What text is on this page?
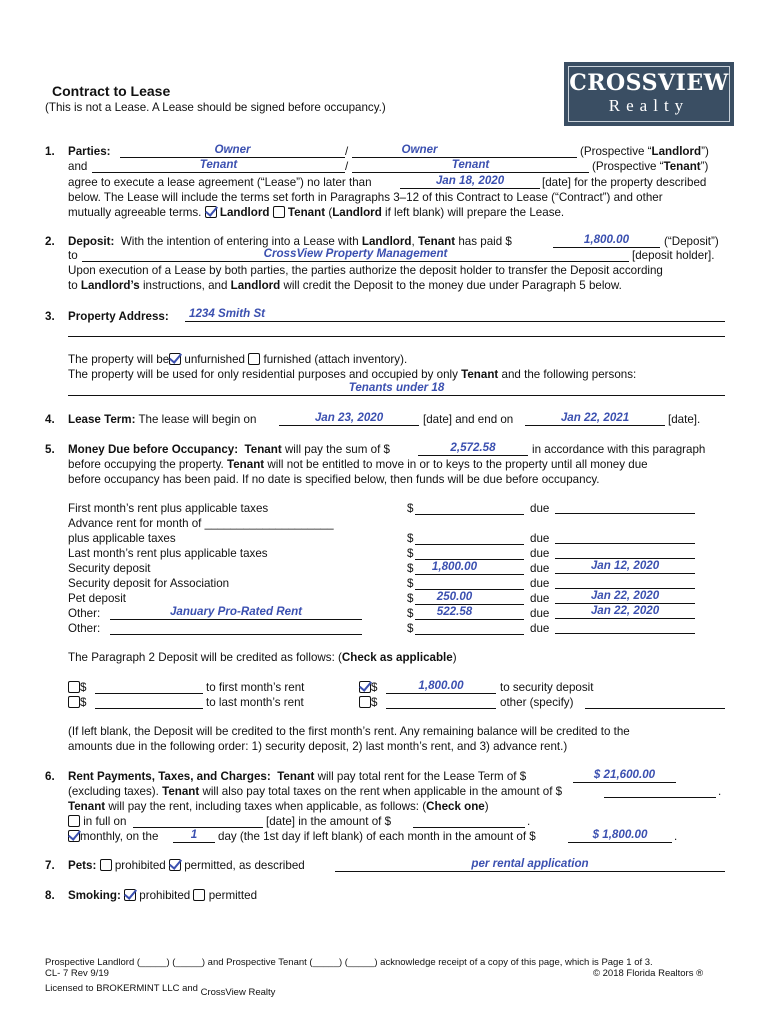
CROSSVIEW
Realty
Contract to Lease
(This is not a Lease. A Lease should be signed before occupancy.)
1. Parties:	Owner	/	Owner	(Prospective “Landlord”)
and	Tenant	/	Tenant	(Prospective “Tenant”)
agree to execute a lease agreement (“Lease”) no later than	Jan 18, 2020	[date] for the property described
below. The Lease will include the terms set forth in Paragraphs 3–12 of this Contract to Lease (“Contract”) and other
mutually agreeable terms. Landlord Tenant (Landlord if left blank) will prepare the Lease.
2. Deposit: With the intention of entering into a Lease with Landlord, Tenant has paid $	1,800.00	(“Deposit”)
to	CrossView Property Management	[deposit holder].
Upon execution of a Lease by both parties, the parties authorize the deposit holder to transfer the Deposit according
to Landlord’s instructions, and Landlord will credit the Deposit to the money due under Paragraph 5 below.
3. Property Address: 1234 Smith St
The property will be unfurnished furnished (attach inventory).
The property will be used for only residential purposes and occupied by only Tenant and the following persons:
Tenants under 18
4. Lease Term: The lease will begin on	Jan 23, 2020	[date] and end on	Jan 22, 2021	[date].
5. Money Due before Occupancy: Tenant will pay the sum of $	2,572.58	in accordance with this paragraph
before occupying the property. Tenant will not be entitled to move in or to keys to the property until all money due
before occupancy has been paid. If no date is specified below, then funds will be due before occupancy.
First month’s rent plus applicable taxes	$	due
Advance rent for month of ____________________
plus applicable taxes	$	due
Last month’s rent plus applicable taxes	$	due
Security deposit	$	1,800.00	due	Jan 12, 2020
Security deposit for Association	$	due
Pet deposit	$	250.00	due	Jan 22, 2020
Other:	January Pro-Rated Rent	$	522.58	due	Jan 22, 2020
Other:	$	due
The Paragraph 2 Deposit will be credited as follows: (Check as applicable)
$	to first month’s rent
$	to last month’s rent
$	1,800.00	to security deposit
$	other (specify)
(If left blank, the Deposit will be credited to the first month’s rent. Any remaining balance will be credited to the
amounts due in the following order: 1) security deposit, 2) last month’s rent, and 3) advance rent.)
6. Rent Payments, Taxes, and Charges: Tenant will pay total rent for the Lease Term of $	$ 21,600.00
(excluding taxes). Tenant will also pay total taxes on the rent when applicable in the amount of $	.
Tenant will pay the rent, including taxes when applicable, as follows: (Check one)
in full on	[date] in the amount of $	.
monthly, on the	1	day (the 1st day if left blank) of each month in the amount of $	$ 1,800.00	.
7. Pets: prohibited permitted, as described	per rental application
8. Smoking: prohibited permitted
Prospective Landlord (_____) (_____) and Prospective Tenant (_____) (_____) acknowledge receipt of a copy of this page, which is Page 1 of 3.
CL- 7 Rev 9/19	© 2018 Florida Realtors ®
Licensed to BROKERMINT LLC and CrossView Realty
